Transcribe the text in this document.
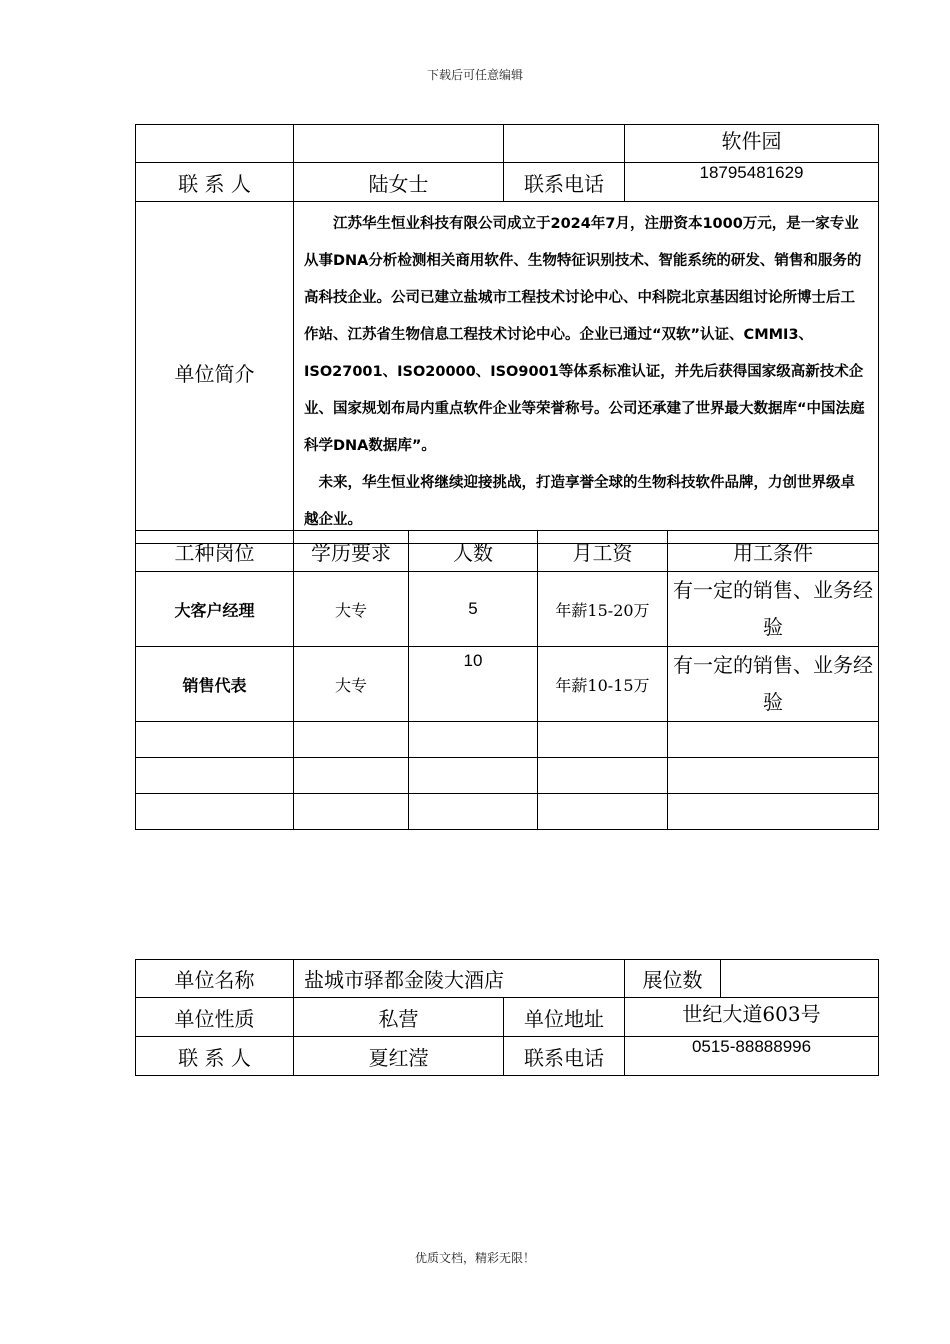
下载后可任意编辑
			软件园
联 系 人	陆女士	联系电话	18795481629
单位简介	江苏华生恒业科技有限公司成立于2024年7月，注册资本1000万元，是一家专业从事DNA分析检测相关商用软件、生物特征识别技术、智能系统的研发、销售和服务的高科技企业。公司已建立盐城市工程技术讨论中心、中科院北京基因组讨论所博士后工作站、江苏省生物信息工程技术讨论中心。企业已通过“双软”认证、CMMI3、ISO27001、ISO20000、ISO9001等体系标准认证，并先后获得国家级高新技术企业、国家规划布局内重点软件企业等荣誉称号。公司还承建了世界最大数据库“中国法庭科学DNA数据库”。

未来，华生恒业将继续迎接挑战，打造享誉全球的生物科技软件品牌，力创世界级卓越企业。		

工种岗位	学历要求	人数	月工资	用工条件
大客户经理	大专	5	年薪15-20万	有一定的销售、业务经验
销售代表	大专	10	年薪10-15万	有一定的销售、业务经验

单位名称	盐城市驿都金陵大酒店		展位数	
单位性质	私营	单位地址	世纪大道603号	
联 系 人	夏红滢	联系电话	0515-88888996	
优质文档，精彩无限！
